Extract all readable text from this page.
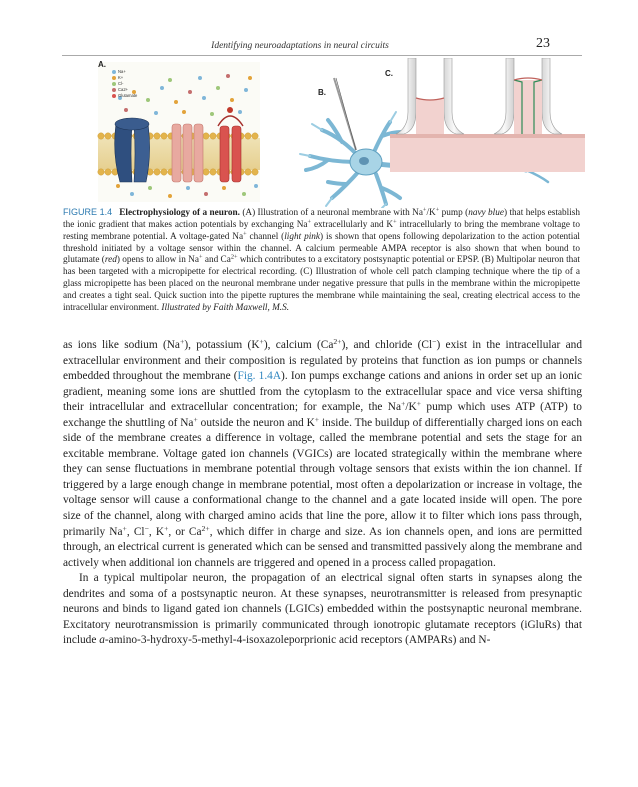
Identifying neuroadaptations in neural circuits	23
A.
B.
C.
Na+
K+
Cl-
Ca2+
Glutamate
FIGURE 1.4 Electrophysiology of a neuron. (A) Illustration of a neuronal membrane with Na+/K+ pump (navy blue) that helps establish the ionic gradient that makes action potentials by exchanging Na+ extracellularly and K+ intracellularly to bring the membrane voltage to resting membrane potential. A voltage-gated Na+ channel (light pink) is shown that opens following depolarization to the action potential threshold initiated by a voltage sensor within the channel. A calcium permeable AMPA receptor is also shown that when bound to glutamate (red) opens to allow in Na+ and $Ca^{2+}$ which contributes to a excitatory postsynaptic potential or EPSP. (B) Multipolar neuron that has been targeted with a micropipette for electrical recording. (C) Illustration of whole cell patch clamping technique where the tip of a glass micropipette has been placed on the neuronal membrane under negative pressure that pulls in the membrane within the micropipette and creates a tight seal. Quick suction into the pipette ruptures the membrane while maintaining the seal, creating electrical access to the intracellular environment. Illustrated by Faith Maxwell, M.S.

as ions like sodium (Na+), potassium (K+), calcium $(Ca^{2+})$, and chloride (Cl−) exist in the intracellular and extracellular environment and their composition is regulated by proteins that function as ion pumps or channels embedded throughout the membrane (Fig. 1.4A). Ion pumps exchange cations and anions in order set up an ionic gradient, meaning some ions are shuttled from the cytoplasm to the extracellular space and vice versa shifting their intracellular and extracellular concentration; for example, the Na+/K+ pump which uses ATP (ATP) to exchange the shuttling of Na+ outside the neuron and K+ inside. The buildup of differentially charged ions on each side of the membrane creates a difference in voltage, called the membrane potential and sets the stage for an excitable membrane. Voltage gated ion channels (VGICs) are located strategically within the membrane where they can sense fluctuations in membrane potential through voltage sensors that exists within the ion channel. If triggered by a large enough change in membrane potential, most often a depolarization or increase in voltage, the voltage sensor will cause a conformational change to the channel and a gate located inside will open. The pore size of the channel, along with charged amino acids that line the pore, allow it to filter which ions pass through, primarily Na+, Cl−, K+, or $Ca^{2+}$, which differ in charge and size. As ion channels open, and ions are permitted through, an electrical current is generated which can be sensed and transmitted passively along the membrane and actively when additional ion channels are triggered and opened in a process called propagation.

In a typical multipolar neuron, the propagation of an electrical signal often starts in synapses along the dendrites and soma of a postsynaptic neuron. At these synapses, neurotransmitter is released from presynaptic neurons and binds to ligand gated ion channels (LGICs) embedded within the postsynaptic neuronal membrane. Excitatory neurotransmission is primarily communicated through ionotropic glutamate receptors (iGluRs) that include a-amino-3-hydroxy-5-methyl-4-isoxazoleporprionic acid receptors (AMPARs) and N-
